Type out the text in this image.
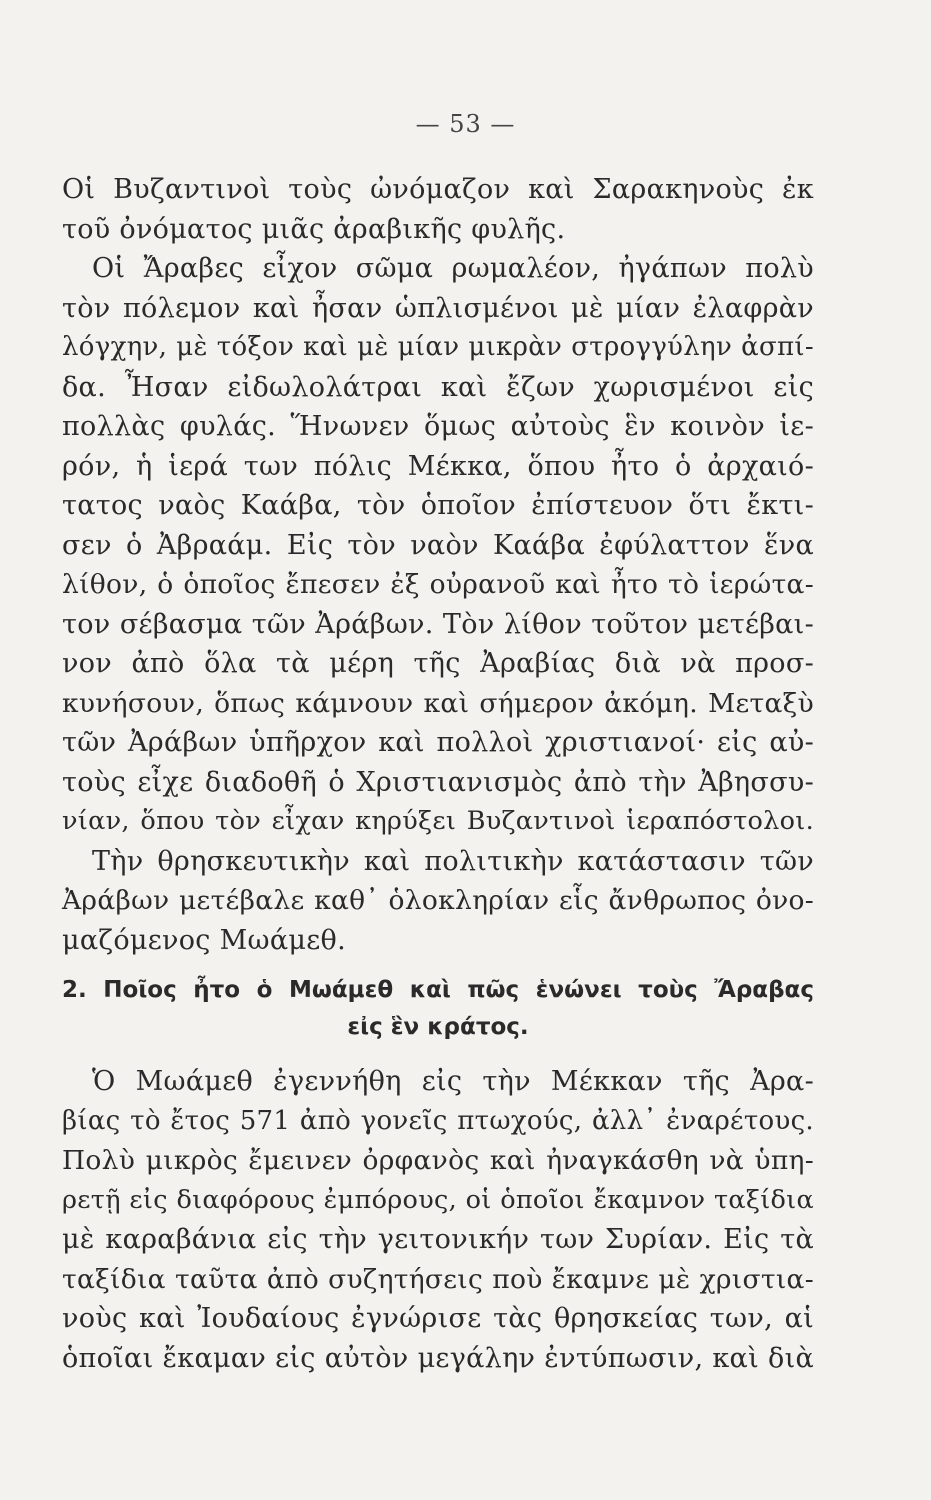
— 53 —
Οἱ Βυζαντινοὶ τοὺς ὠνόμαζον καὶ Σαρακηνοὺς ἐκ
τοῦ ὀνόματος μιᾶς ἀραβικῆς φυλῆς.
Οἱ Ἄραβες εἶχον σῶμα ρωμαλέον, ἠγάπων πολὺ
τὸν πόλεμον καὶ ἦσαν ὡπλισμένοι μὲ μίαν ἐλαφρὰν
λόγχην, μὲ τόξον καὶ μὲ μίαν μικρὰν στρογγύλην ἀσπί-
δα. Ἦσαν εἰδωλολάτραι καὶ ἔζων χωρισμένοι εἰς
πολλὰς φυλάς. Ἥνωνεν ὅμως αὐτοὺς ἓν κοινὸν ἱε-
ρόν, ἡ ἱερά των πόλις Μέκκα, ὅπου ἦτο ὁ ἀρχαιό-
τατος ναὸς Καάβα, τὸν ὁποῖον ἐπίστευον ὅτι ἔκτι-
σεν ὁ Ἀβραάμ. Εἰς τὸν ναὸν Καάβα ἐφύλαττον ἕνα
λίθον, ὁ ὁποῖος ἔπεσεν ἐξ οὐρανοῦ καὶ ἦτο τὸ ἱερώτα-
τον σέβασμα τῶν Ἀράβων. Τὸν λίθον τοῦτον μετέβαι-
νον ἀπὸ ὅλα τὰ μέρη τῆς Ἀραβίας διὰ νὰ προσ-
κυνήσουν, ὅπως κάμνουν καὶ σήμερον ἀκόμη. Μεταξὺ
τῶν Ἀράβων ὑπῆρχον καὶ πολλοὶ χριστιανοί· εἰς αὐ-
τοὺς εἶχε διαδοθῆ ὁ Χριστιανισμὸς ἀπὸ τὴν Ἀβησσυ-
νίαν, ὅπου τὸν εἶχαν κηρύξει Βυζαντινοὶ ἱεραπόστολοι.
Τὴν θρησκευτικὴν καὶ πολιτικὴν κατάστασιν τῶν
Ἀράβων μετέβαλε καθ᾽ ὁλοκληρίαν εἷς ἄνθρωπος ὀνο-
μαζόμενος Μωάμεθ.
2. Ποῖος ἦτο ὁ Μωάμεθ καὶ πῶς ἑνώνει τοὺς Ἄραβας
εἰς ἓν κράτος.
Ὁ Μωάμεθ ἐγεννήθη εἰς τὴν Μέκκαν τῆς Ἀρα-
βίας τὸ ἔτος 571 ἀπὸ γονεῖς πτωχούς, ἀλλ᾽ ἐναρέτους.
Πολὺ μικρὸς ἔμεινεν ὀρφανὸς καὶ ἠναγκάσθη νὰ ὑπη-
ρετῇ εἰς διαφόρους ἐμπόρους, οἱ ὁποῖοι ἔκαμνον ταξίδια
μὲ καραβάνια εἰς τὴν γειτονικήν των Συρίαν. Εἰς τὰ
ταξίδια ταῦτα ἀπὸ συζητήσεις ποὺ ἔκαμνε μὲ χριστια-
νοὺς καὶ Ἰουδαίους ἐγνώρισε τὰς θρησκείας των, αἱ
ὁποῖαι ἔκαμαν εἰς αὐτὸν μεγάλην ἐντύπωσιν, καὶ διὰ
